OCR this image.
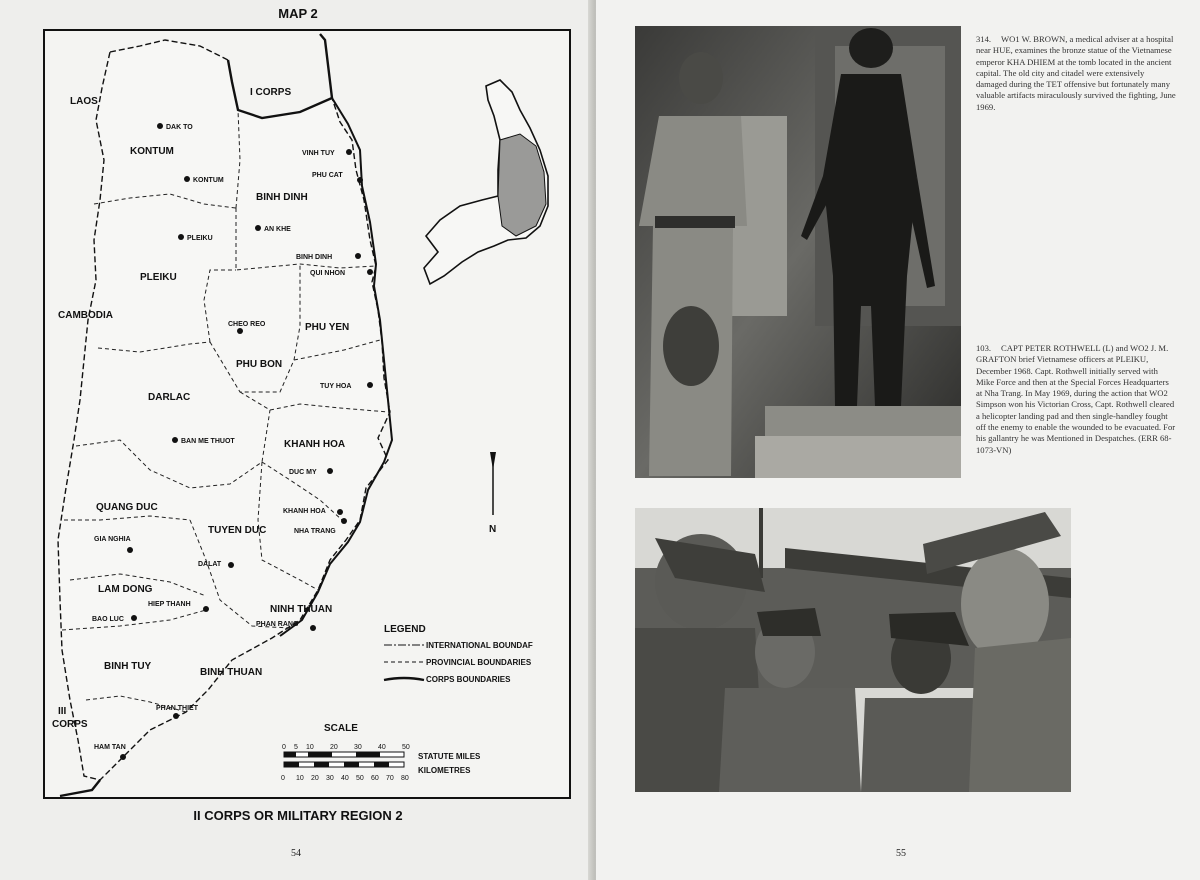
MAP 2
LAOS
I CORPS
CAMBODIA
III
CORPS
KONTUM
BINH DINH
PLEIKU
PHU YEN
PHU BON
DARLAC
KHANH HOA
QUANG DUC
TUYEN DUC
LAM DONG
NINH THUAN
BINH TUY
BINH THUAN
DAK TO
KONTUM
VINH TUY
PHU CAT
PLEIKU
AN KHE
BINH DINH
QUI NHON
CHEO REO
TUY HOA
BAN ME THUOT
DUC MY
KHANH HOA
NHA TRANG
GIA NGHIA
DALAT
HIEP THANH
BAO LUC
PHAN RANG
PHAN THIET
HAM TAN
N
LEGEND
INTERNATIONAL BOUNDAF
PROVINCIAL BOUNDARIES
CORPS BOUNDARIES
SCALE
0 5 10 20 30 40 50
0 10 20 30 40 50 60 70 80
STATUTE MILES
KILOMETRES
II CORPS OR MILITARY REGION 2
54
314. WO1 W. BROWN, a medical adviser at a hospital near HUE, examines the bronze statue of the Vietnamese emperor KHA DHIEM at the tomb located in the ancient capital. The old city and citadel were extensively damaged during the TET offensive but fortunately many valuable artifacts miraculously survived the fighting, June 1969.
103. CAPT PETER ROTHWELL (L) and WO2 J. M. GRAFTON brief Vietnamese officers at PLEIKU, December 1968. Capt. Rothwell initially served with Mike Force and then at the Special Forces Headquarters at Nha Trang. In May 1969, during the action that WO2 Simpson won his Victorian Cross, Capt. Rothwell cleared a helicopter landing pad and then single-handley fought off the enemy to enable the wounded to be evacuated. For his gallantry he was Mentioned in Despatches. (ERR 68-1073-VN)
55
